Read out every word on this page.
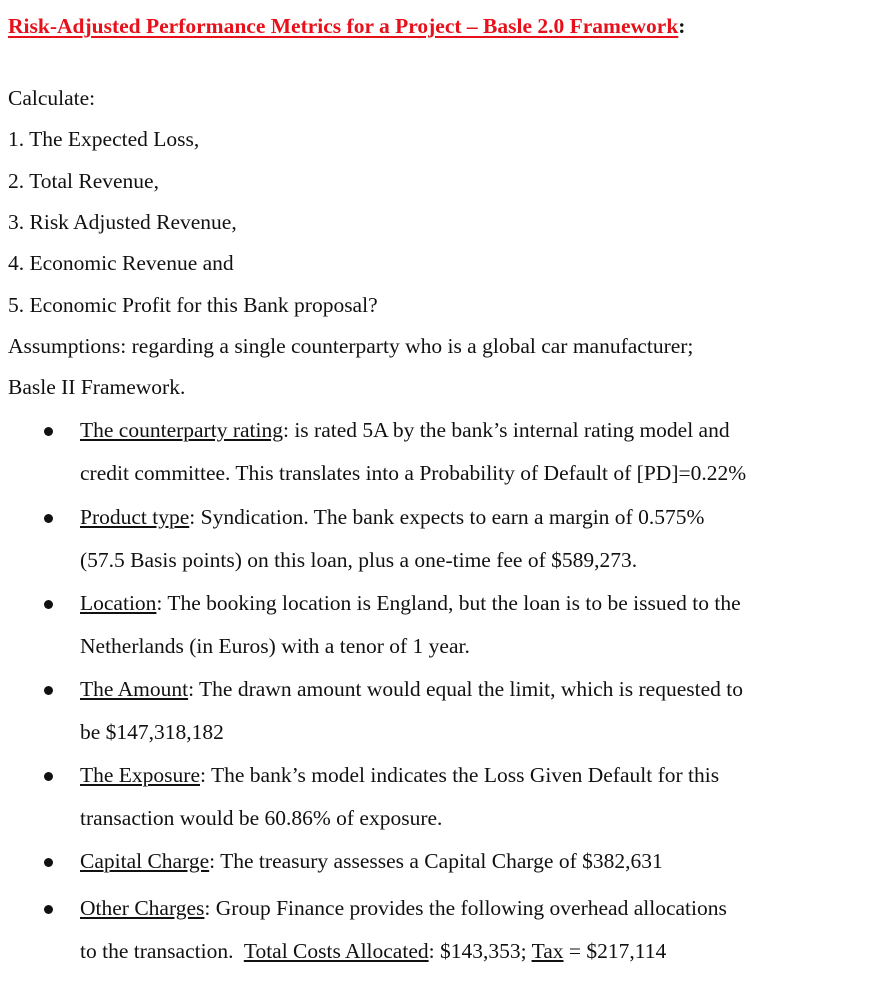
Risk-Adjusted Performance Metrics for a Project – Basle 2.0 Framework:
Calculate:
1. The Expected Loss,
2. Total Revenue,
3. Risk Adjusted Revenue,
4. Economic Revenue and
5. Economic Profit for this Bank proposal?
Assumptions: regarding a single counterparty who is a global car manufacturer;
Basle II Framework.
The counterparty rating: is rated 5A by the bank’s internal rating model and
credit committee. This translates into a Probability of Default of [PD]=0.22%
Product type: Syndication. The bank expects to earn a margin of 0.575%
(57.5 Basis points) on this loan, plus a one-time fee of $589,273.
Location: The booking location is England, but the loan is to be issued to the
Netherlands (in Euros) with a tenor of 1 year.
The Amount: The drawn amount would equal the limit, which is requested to
be $147,318,182
The Exposure: The bank’s model indicates the Loss Given Default for this
transaction would be 60.86% of exposure.
Capital Charge: The treasury assesses a Capital Charge of $382,631
Other Charges: Group Finance provides the following overhead allocations
to the transaction.  Total Costs Allocated: $143,353; Tax = $217,114
